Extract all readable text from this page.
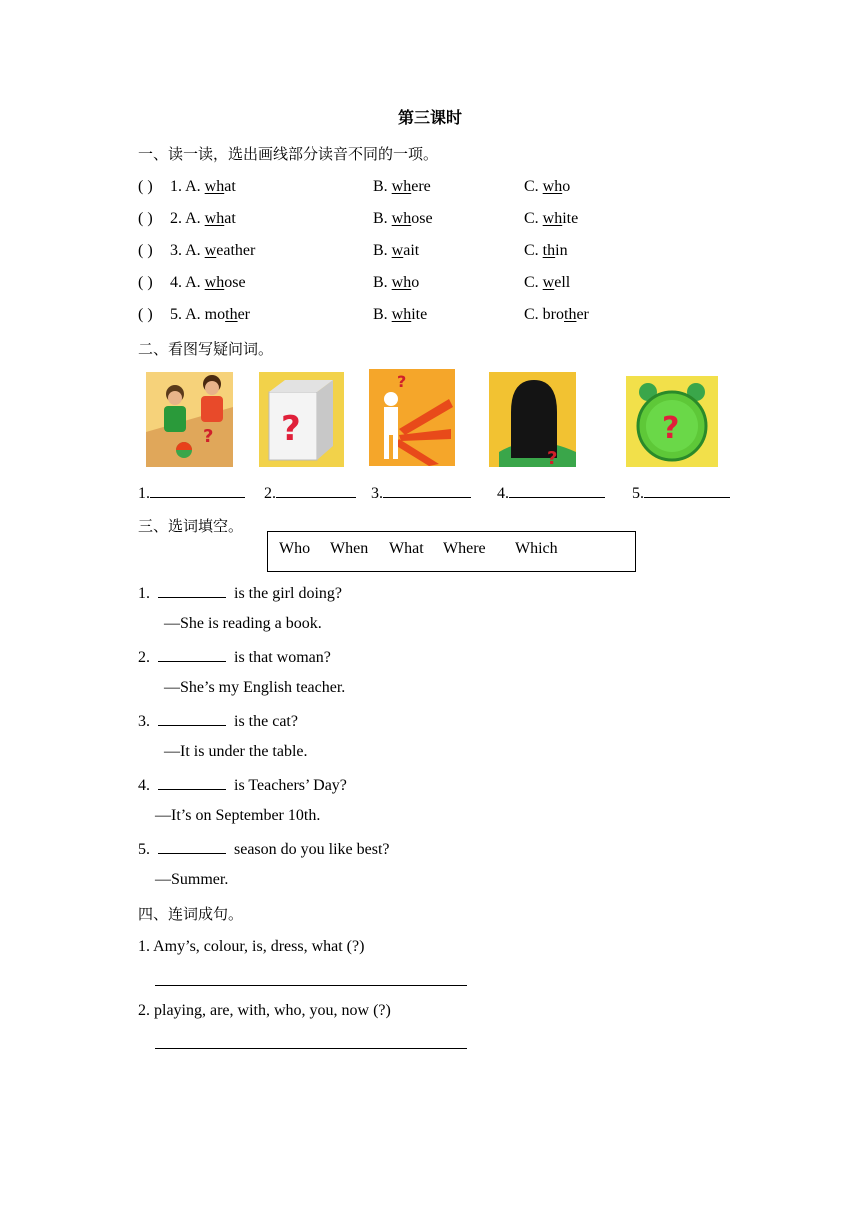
第三课时
一、读一读，选出画线部分读音不同的一项。
( ) 1. A. what	B. where	C. who
( ) 2. A. what	B. whose	C. white
( ) 3. A. weather	B. wait	C. thin
( ) 4. A. whose	B. who	C. well
( ) 5. A. mother	B. white	C. brother
二、看图写疑问词。
? ?
?
?
?
1.	2.	3.	4.	5.
三、选词填空。
Who When What Where Which
1.	is the girl doing?
—She is reading a book.
2.	is that woman?
—She’s my English teacher.
3.	is the cat?
—It is under the table.
4.	is Teachers’ Day?
—It’s on September 10th.
5.	season do you like best?
—Summer.
四、连词成句。
1. Amy’s, colour, is, dress, what (?)
2. playing, are, with, who, you, now (?)
